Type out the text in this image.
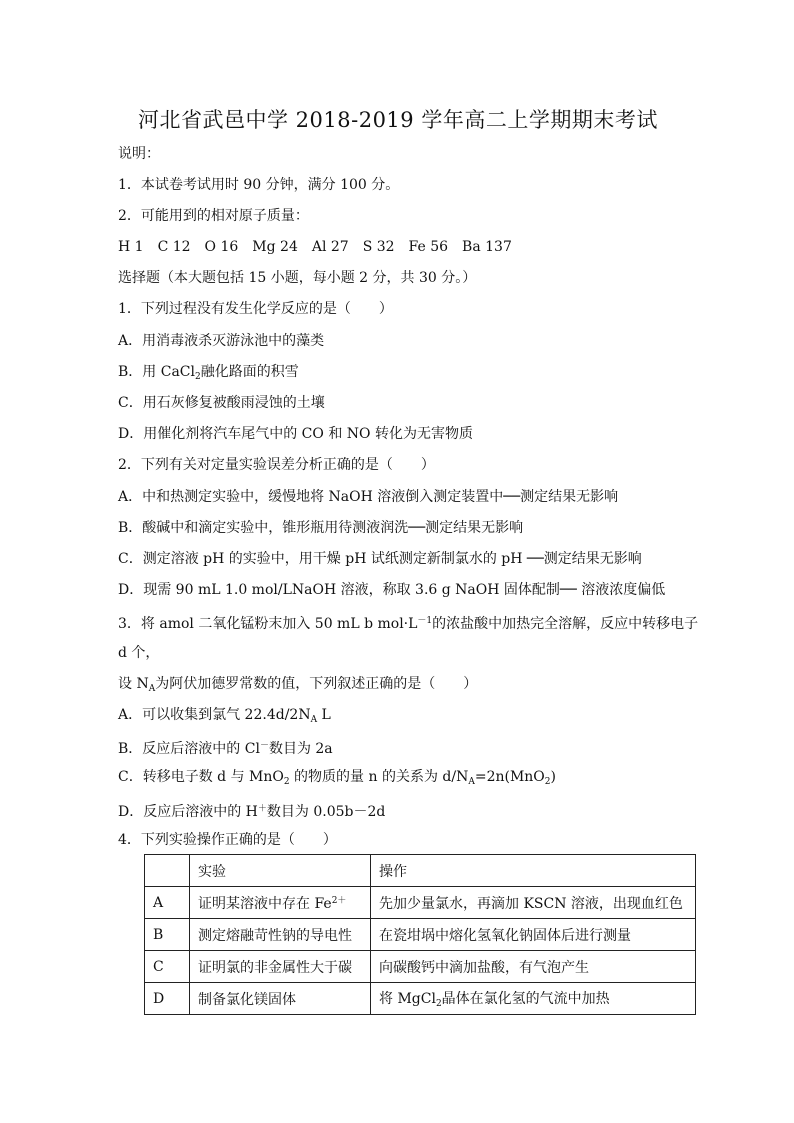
河北省武邑中学 2018-2019 学年高二上学期期末考试
说明：
1．本试卷考试用时 90 分钟，满分 100 分。
2．可能用到的相对原子质量：
H 1　C 12　O 16　Mg 24　Al 27　S 32　Fe 56　Ba 137
选择题（本大题包括 15 小题，每小题 2 分，共 30 分。）
1．下列过程没有发生化学反应的是（　　）
A．用消毒液杀灭游泳池中的藻类
B．用 CaCl$_2$融化路面的积雪
C．用石灰修复被酸雨浸蚀的土壤
D．用催化剂将汽车尾气中的 CO 和 NO 转化为无害物质
2．下列有关对定量实验误差分析正确的是（　　）
A．中和热测定实验中，缓慢地将 NaOH 溶液倒入测定装置中──测定结果无影响
B．酸碱中和滴定实验中，锥形瓶用待测液润洗──测定结果无影响
C．测定溶液 pH 的实验中，用干燥 pH 试纸测定新制氯水的 pH ──测定结果无影响
D．现需 90 mL 1.0 mol/LNaOH 溶液，称取 3.6 g NaOH 固体配制── 溶液浓度偏低
3．将 amol 二氧化锰粉末加入 50 mL b $mol\cdot L^{-1}$的浓盐酸中加热完全溶解，反应中转移电子
d 个，
设 $N_A$为阿伏加德罗常数的值，下列叙述正确的是（　　）
A．可以收集到氯气 $22.4d/2N_A$ L
B．反应后溶液中的 Cl－数目为 2a
C．转移电子数 d 与 MnO$_2$ 的物质的量 n 的关系为 $d/N_A=2n(MnO_2)$
D．反应后溶液中的 H＋数目为 0.05b－2d
4．下列实验操作正确的是（　　）
	实验	操作
A	证明某溶液中存在 $Fe^{2+}$	先加少量氯水，再滴加 KSCN 溶液，出现血红色
B	测定熔融苛性钠的导电性	在瓷坩埚中熔化氢氧化钠固体后进行测量
C	证明氯的非金属性大于碳	向碳酸钙中滴加盐酸，有气泡产生
D	制备氯化镁固体	将 MgCl$_2$晶体在氯化氢的气流中加热
